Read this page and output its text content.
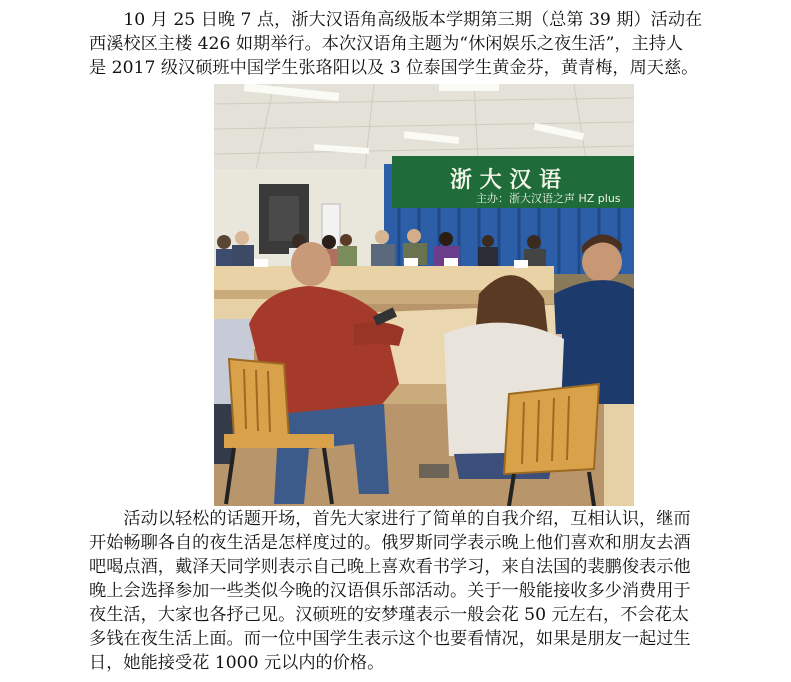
　　10 月 25 日晚 7 点，浙大汉语角高级版本学期第三期（总第 39 期）活动在
西溪校区主楼 426 如期举行。本次汉语角主题为“休闲娱乐之夜生活”，主持人
是 2017 级汉硕班中国学生张珞阳以及 3 位泰国学生黄金芬，黄青梅，周天慈。
浙 大 汉 语
主办：浙大汉语之声 HZ plus
　　活动以轻松的话题开场，首先大家进行了简单的自我介绍，互相认识，继而
开始畅聊各自的夜生活是怎样度过的。俄罗斯同学表示晚上他们喜欢和朋友去酒
吧喝点酒，戴泽天同学则表示自己晚上喜欢看书学习，来自法国的裴鹏俊表示他
晚上会选择参加一些类似今晚的汉语俱乐部活动。关于一般能接收多少消费用于
夜生活，大家也各抒己见。汉硕班的安梦瑾表示一般会花 50 元左右，不会花太
多钱在夜生活上面。而一位中国学生表示这个也要看情况，如果是朋友一起过生
日，她能接受花 1000 元以内的价格。
